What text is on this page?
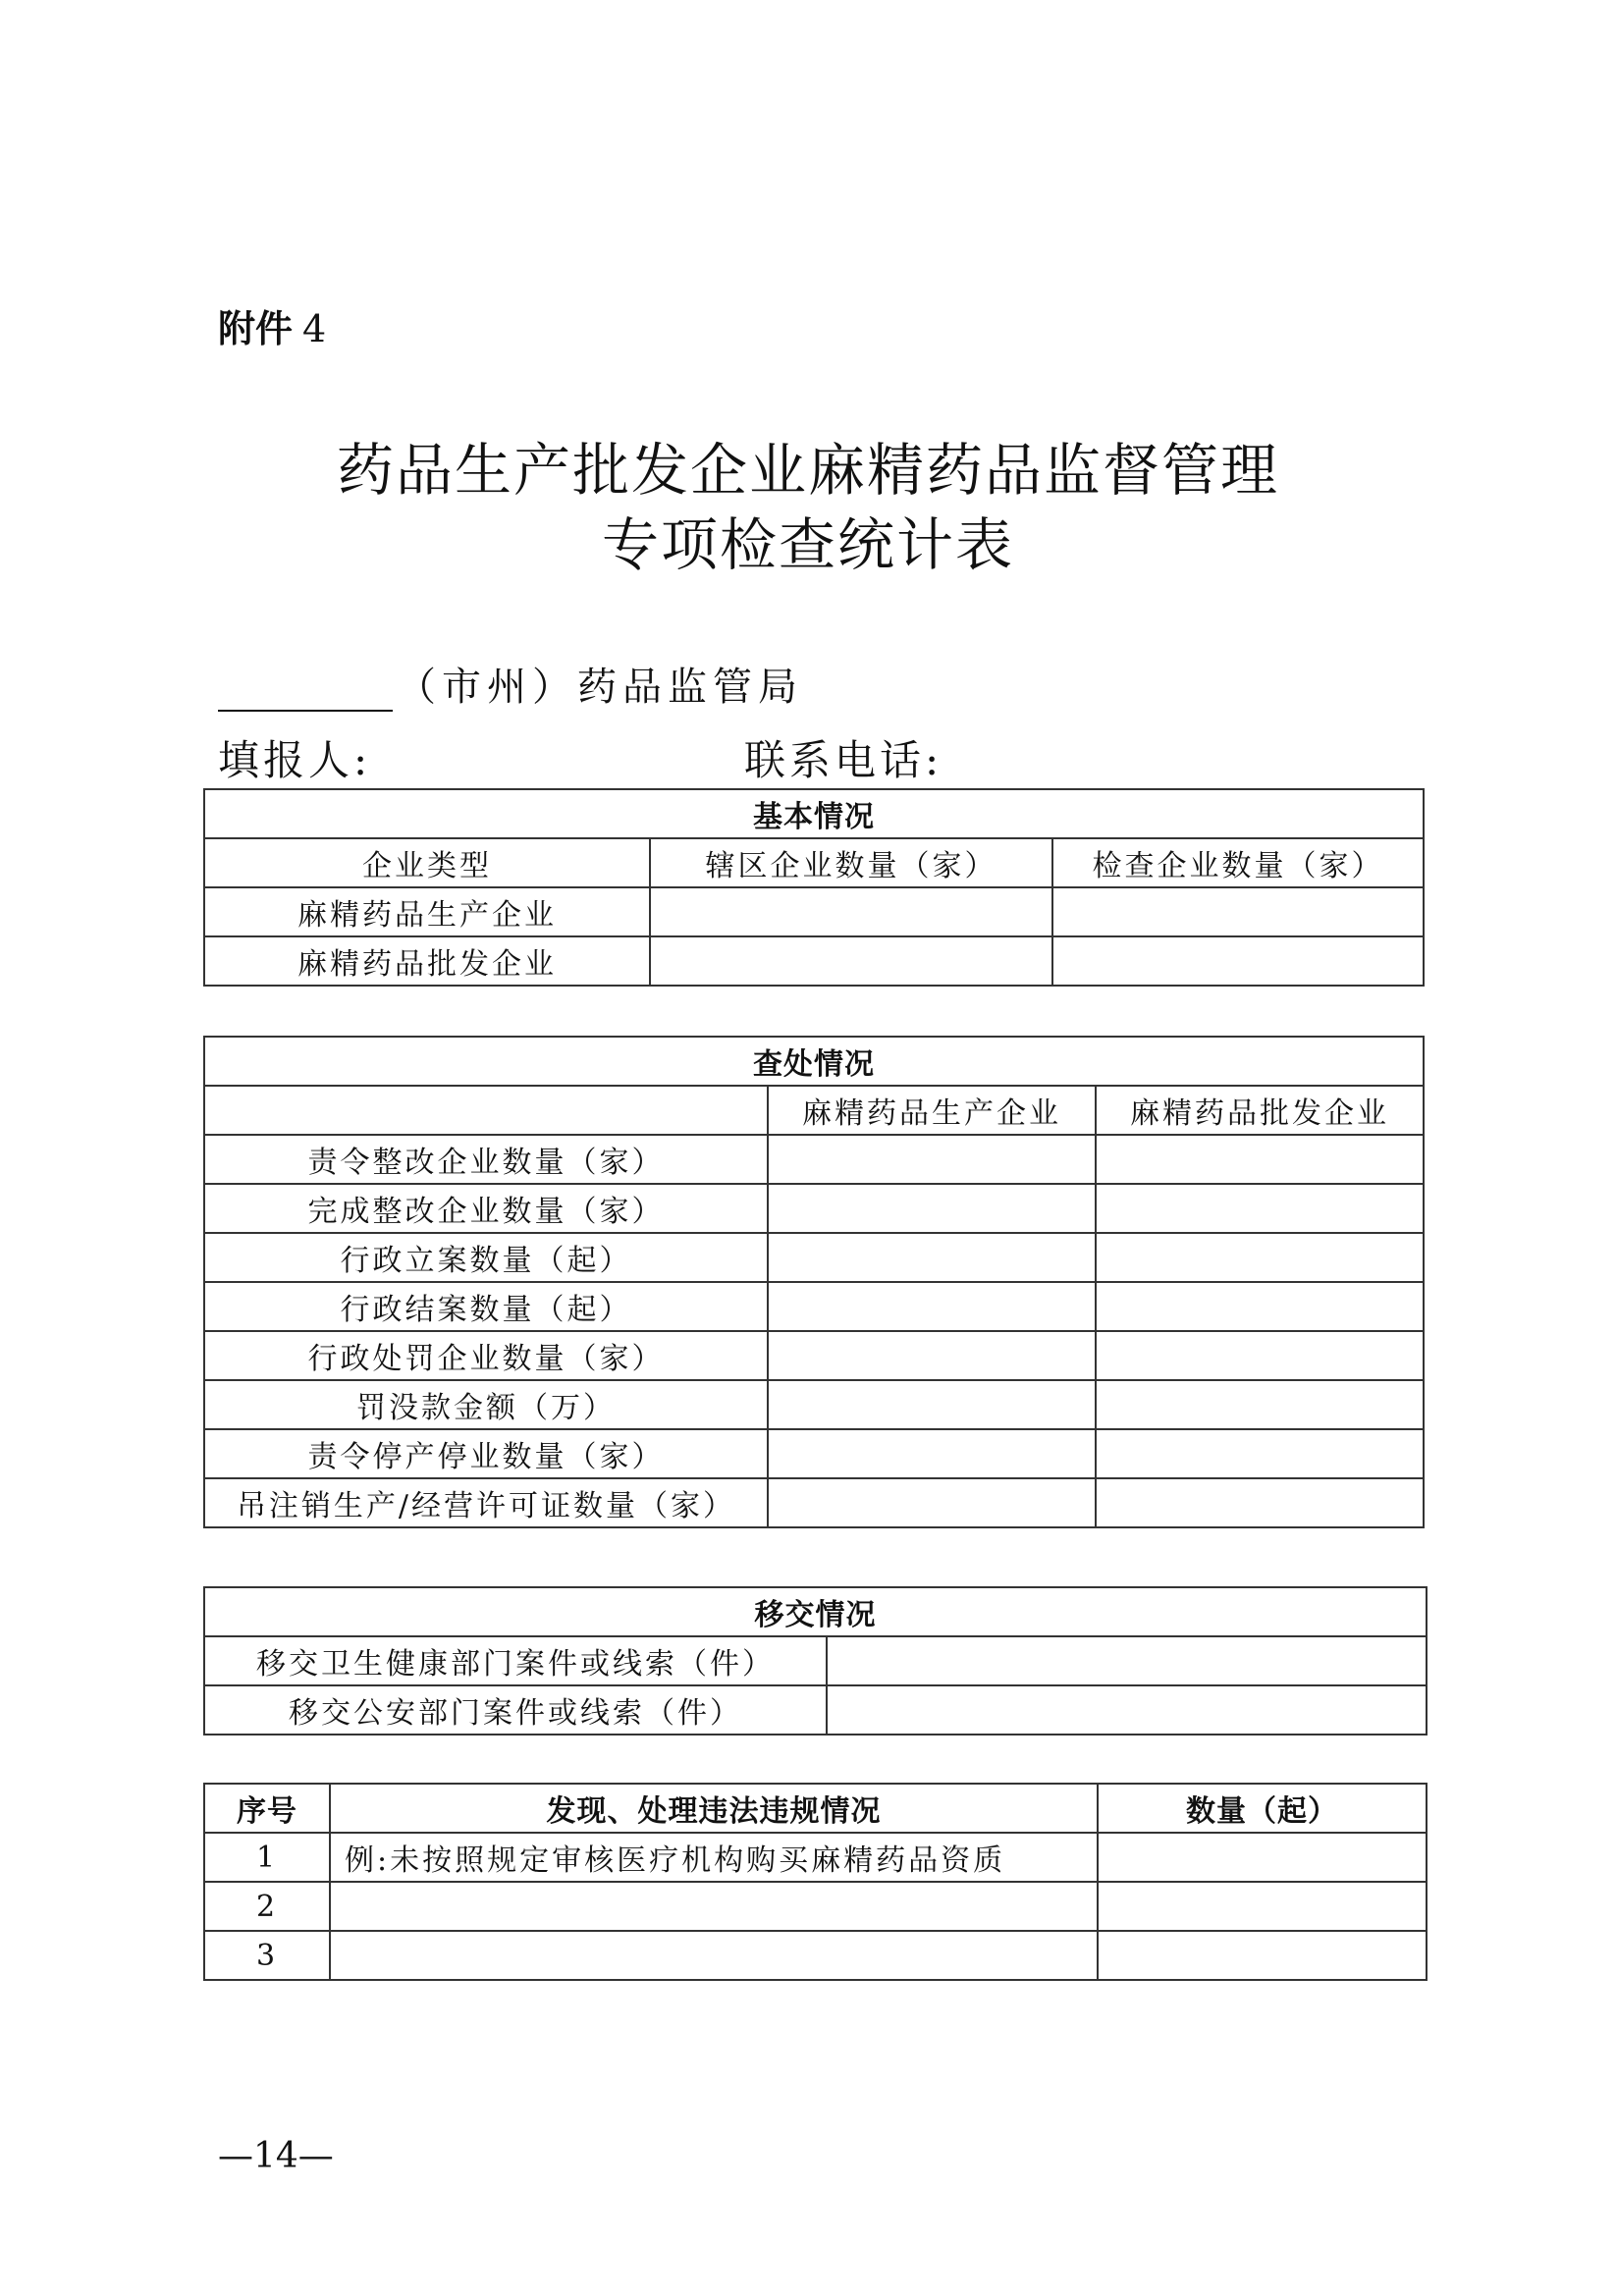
附件 4
药品生产批发企业麻精药品监督管理
专项检查统计表
（市州）药品监管局
填报人:	联系电话:
基本情况		
企业类型	辖区企业数量（家）	检查企业数量（家）
麻精药品生产企业		
麻精药品批发企业		
查处情况		
	麻精药品生产企业	麻精药品批发企业
责令整改企业数量（家）		
完成整改企业数量（家）		
行政立案数量（起）		
行政结案数量（起）		
行政处罚企业数量（家）		
罚没款金额（万）		
责令停产停业数量（家）		
吊注销生产/经营许可证数量（家）		
移交情况	
移交卫生健康部门案件或线索（件）	
移交公安部门案件或线索（件）	
序号	发现、处理违法违规情况	数量（起）
1	例:未按照规定审核医疗机构购买麻精药品资质	
2		
3		
—14—
